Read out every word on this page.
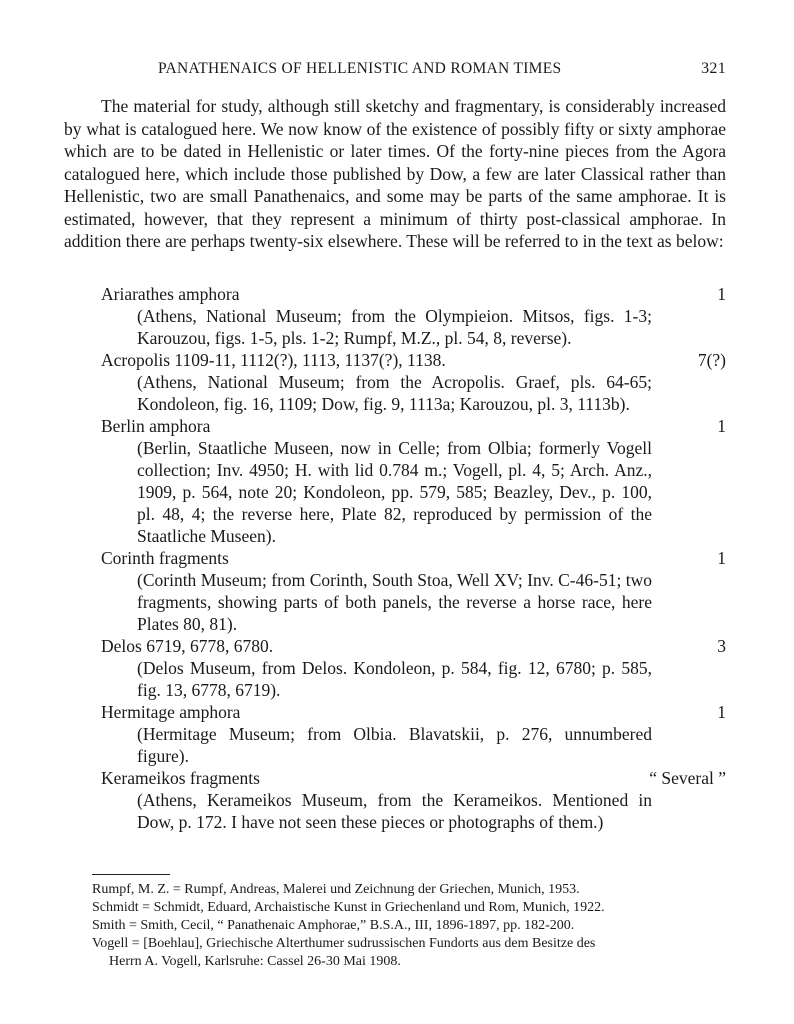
PANATHENAICS OF HELLENISTIC AND ROMAN TIMES	321

The material for study, although still sketchy and fragmentary, is considerably increased by what is catalogued here. We now know of the existence of possibly fifty or sixty amphorae which are to be dated in Hellenistic or later times. Of the forty-nine pieces from the Agora catalogued here, which include those published by Dow, a few are later Classical rather than Hellenistic, two are small Panathenaics, and some may be parts of the same amphorae. It is estimated, however, that they represent a minimum of thirty post-classical amphorae. In addition there are perhaps twenty-six elsewhere. These will be referred to in the text as below:

Ariarathes amphora	1

(Athens, National Museum; from the Olympieion. Mitsos, figs. 1-3; Karouzou, figs. 1-5, pls. 1-2; Rumpf, M.Z., pl. 54, 8, reverse).

Acropolis 1109-11, 1112(?), 1113, 1137(?), 1138.	7(?)

(Athens, National Museum; from the Acropolis. Graef, pls. 64-65; Kondoleon, fig. 16, 1109; Dow, fig. 9, 1113a; Karouzou, pl. 3, 1113b).

Berlin amphora	1

(Berlin, Staatliche Museen, now in Celle; from Olbia; formerly Vogell collection; Inv. 4950; H. with lid 0.784 m.; Vogell, pl. 4, 5; Arch. Anz., 1909, p. 564, note 20; Kondoleon, pp. 579, 585; Beazley, Dev., p. 100, pl. 48, 4; the reverse here, Plate 82, reproduced by permission of the Staatliche Museen).

Corinth fragments	1

(Corinth Museum; from Corinth, South Stoa, Well XV; Inv. C-46-51; two fragments, showing parts of both panels, the reverse a horse race, here Plates 80, 81).

Delos 6719, 6778, 6780.	3

(Delos Museum, from Delos. Kondoleon, p. 584, fig. 12, 6780; p. 585, fig. 13, 6778, 6719).

Hermitage amphora	1

(Hermitage Museum; from Olbia. Blavatskii, p. 276, unnumbered figure).

Kerameikos fragments	“ Several ”

(Athens, Kerameikos Museum, from the Kerameikos. Mentioned in Dow, p. 172. I have not seen these pieces or photographs of them.)

Rumpf, M. Z. = Rumpf, Andreas, Malerei und Zeichnung der Griechen, Munich, 1953.
Schmidt = Schmidt, Eduard, Archaistische Kunst in Griechenland und Rom, Munich, 1922.
Smith = Smith, Cecil, “ Panathenaic Amphorae,” B.S.A., III, 1896-1897, pp. 182-200.
Vogell = [Boehlau], Griechische Alterthumer sudrussischen Fundorts aus dem Besitze des
Herrn A. Vogell, Karlsruhe: Cassel 26-30 Mai 1908.
